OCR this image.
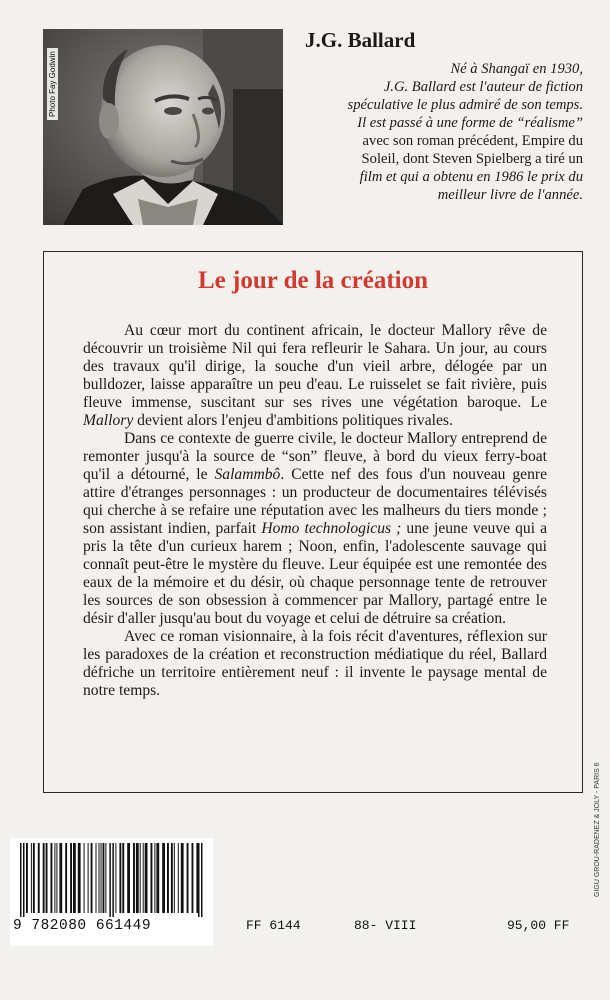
Photo Fay Godwin
J.G. Ballard
Né à Shangaï en 1930,
J.G. Ballard est l'auteur de fiction
spéculative le plus admiré de son temps.
Il est passé à une forme de “réalisme”
avec son roman précédent, Empire du
Soleil, dont Steven Spielberg a tiré un
film et qui a obtenu en 1986 le prix du
meilleur livre de l'année.
Le jour de la création

Au cœur mort du continent africain, le docteur Mallory rêve de découvrir un troisième Nil qui fera refleurir le Sahara. Un jour, au cours des travaux qu'il dirige, la souche d'un vieil arbre, délogée par un bulldozer, laisse apparaître un peu d'eau. Le ruisselet se fait rivière, puis fleuve immense, suscitant sur ses rives une végétation baroque. Le Mallory devient alors l'enjeu d'ambitions politiques rivales.

Dans ce contexte de guerre civile, le docteur Mallory entreprend de remonter jusqu'à la source de “son” fleuve, à bord du vieux ferry-boat qu'il a détourné, le Salammbô. Cette nef des fous d'un nouveau genre attire d'étranges personnages : un producteur de documentaires télévisés qui cherche à se refaire une réputation avec les malheurs du tiers monde ; son assistant indien, parfait Homo technologicus ; une jeune veuve qui a pris la tête d'un curieux harem ; Noon, enfin, l'adolescente sauvage qui connaît peut-être le mystère du fleuve. Leur équipée est une remontée des eaux de la mémoire et du désir, où chaque personnage tente de retrouver les sources de son obsession à commencer par Mallory, partagé entre le désir d'aller jusqu'au bout du voyage et celui de détruire sa création.

Avec ce roman visionnaire, à la fois récit d'aventures, réflexion sur les paradoxes de la création et reconstruction médiatique du réel, Ballard défriche un territoire entièrement neuf : il invente le paysage mental de notre temps.

9 782080 661449	FF 6144	88- VIII	95,00 FF
GIGU GROU-RADENEZ & JOLY - PARIS 6
